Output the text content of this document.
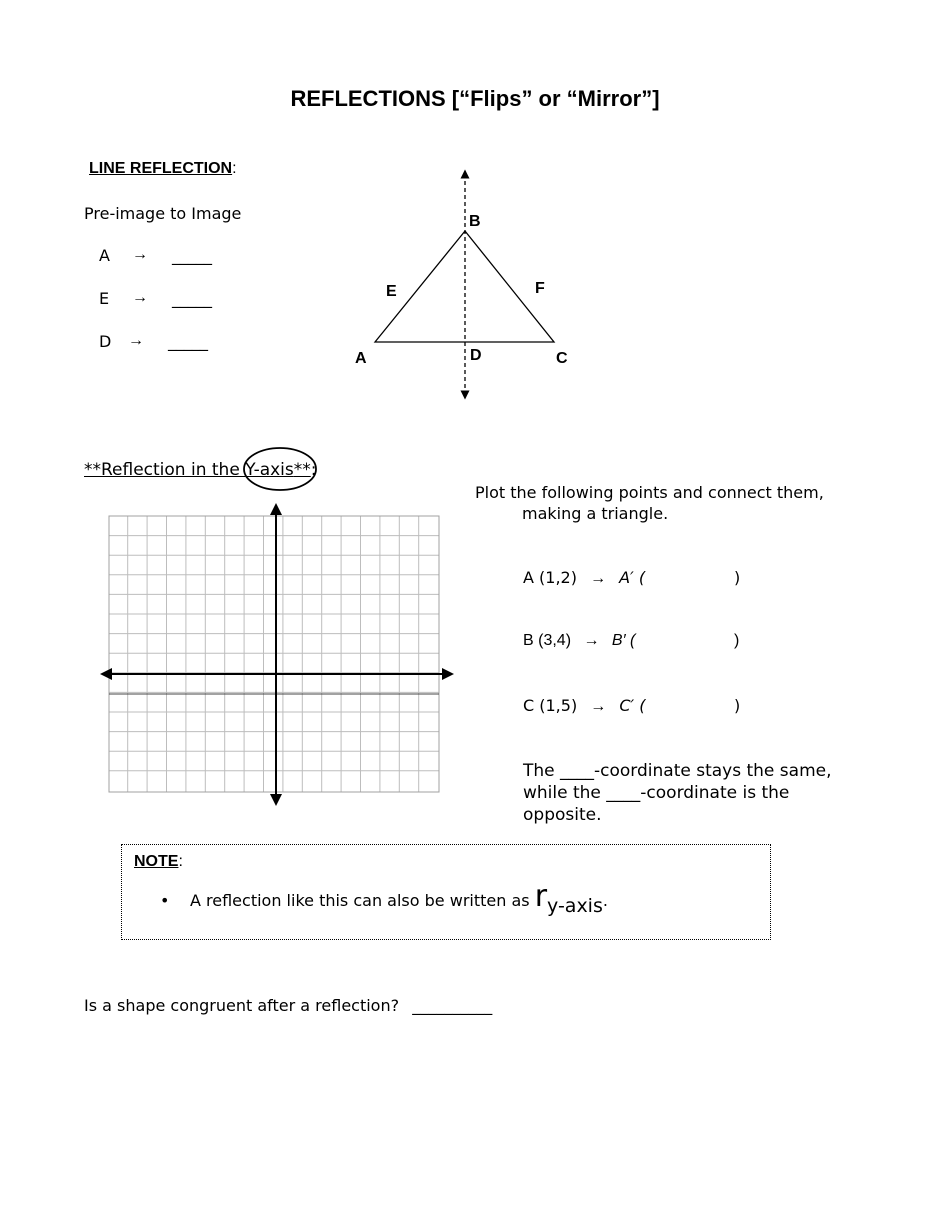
REFLECTIONS [“Flips” or “Mirror”]
LINE REFLECTION:
Pre-image to Image
A → _____
E → _____
D → _____
B
E	F
A	D	C
**Reflection in the Y-axis**:
Plot the following points and connect them,
making a triangle.
A (1,2) → A′ (	)
B (3,4) → B′ (	)
C (1,5) → C′ (	)
The ____-coordinate stays the same, while the ____-coordinate is the opposite.
NOTE:
• A reflection like this can also be written as ry-axis.
Is a shape congruent after a reflection? __________
